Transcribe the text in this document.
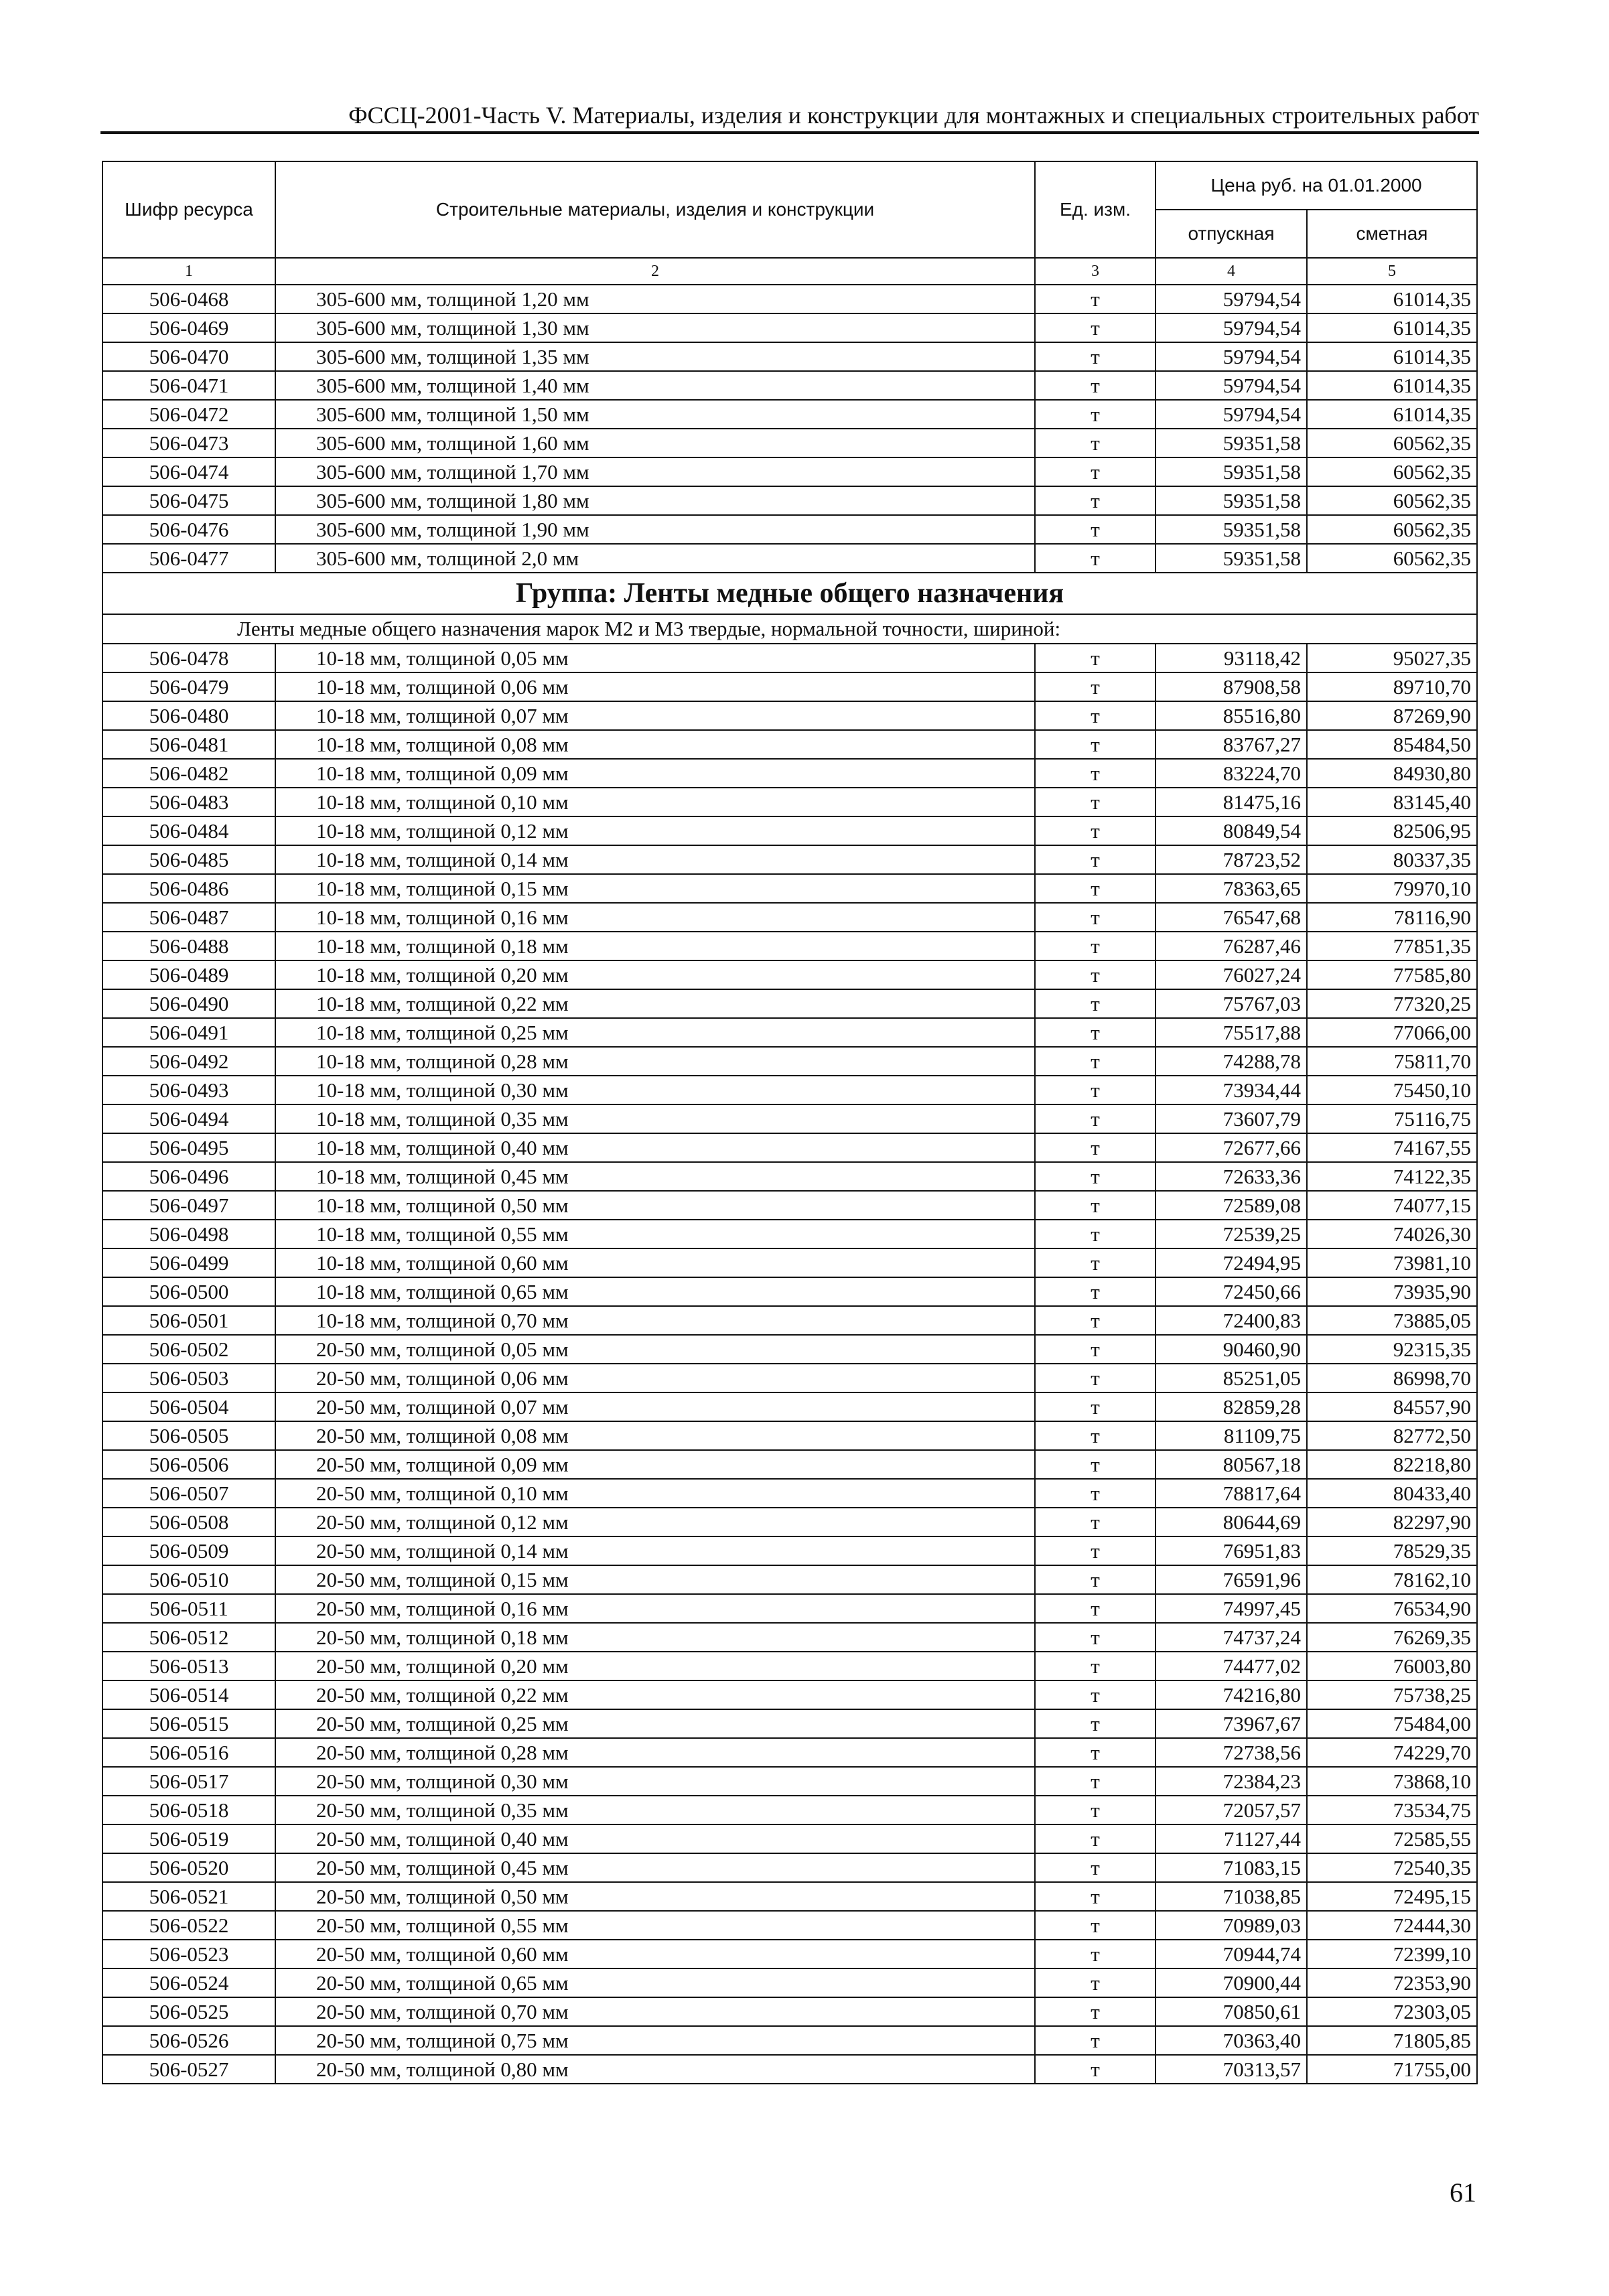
ФССЦ-2001-Часть V. Материалы, изделия и конструкции для монтажных и специальных строительных работ
Шифр ресурса	Строительные материалы, изделия и конструкции	Ед. изм.	Цена руб. на 01.01.2000	
			отпускная	сметная
1	2	3	4	5
506-0468	305-600 мм, толщиной 1,20 мм	т	59794,54	61014,35
506-0469	305-600 мм, толщиной 1,30 мм	т	59794,54	61014,35
506-0470	305-600 мм, толщиной 1,35 мм	т	59794,54	61014,35
506-0471	305-600 мм, толщиной 1,40 мм	т	59794,54	61014,35
506-0472	305-600 мм, толщиной 1,50 мм	т	59794,54	61014,35
506-0473	305-600 мм, толщиной 1,60 мм	т	59351,58	60562,35
506-0474	305-600 мм, толщиной 1,70 мм	т	59351,58	60562,35
506-0475	305-600 мм, толщиной 1,80 мм	т	59351,58	60562,35
506-0476	305-600 мм, толщиной 1,90 мм	т	59351,58	60562,35
506-0477	305-600 мм, толщиной 2,0 мм	т	59351,58	60562,35
Группа: Ленты медные общего назначения				
Ленты медные общего назначения марок М2 и М3 твердые, нормальной точности, шириной:				
506-0478	10-18 мм, толщиной 0,05 мм	т	93118,42	95027,35
506-0479	10-18 мм, толщиной 0,06 мм	т	87908,58	89710,70
506-0480	10-18 мм, толщиной 0,07 мм	т	85516,80	87269,90
506-0481	10-18 мм, толщиной 0,08 мм	т	83767,27	85484,50
506-0482	10-18 мм, толщиной 0,09 мм	т	83224,70	84930,80
506-0483	10-18 мм, толщиной 0,10 мм	т	81475,16	83145,40
506-0484	10-18 мм, толщиной 0,12 мм	т	80849,54	82506,95
506-0485	10-18 мм, толщиной 0,14 мм	т	78723,52	80337,35
506-0486	10-18 мм, толщиной 0,15 мм	т	78363,65	79970,10
506-0487	10-18 мм, толщиной 0,16 мм	т	76547,68	78116,90
506-0488	10-18 мм, толщиной 0,18 мм	т	76287,46	77851,35
506-0489	10-18 мм, толщиной 0,20 мм	т	76027,24	77585,80
506-0490	10-18 мм, толщиной 0,22 мм	т	75767,03	77320,25
506-0491	10-18 мм, толщиной 0,25 мм	т	75517,88	77066,00
506-0492	10-18 мм, толщиной 0,28 мм	т	74288,78	75811,70
506-0493	10-18 мм, толщиной 0,30 мм	т	73934,44	75450,10
506-0494	10-18 мм, толщиной 0,35 мм	т	73607,79	75116,75
506-0495	10-18 мм, толщиной 0,40 мм	т	72677,66	74167,55
506-0496	10-18 мм, толщиной 0,45 мм	т	72633,36	74122,35
506-0497	10-18 мм, толщиной 0,50 мм	т	72589,08	74077,15
506-0498	10-18 мм, толщиной 0,55 мм	т	72539,25	74026,30
506-0499	10-18 мм, толщиной 0,60 мм	т	72494,95	73981,10
506-0500	10-18 мм, толщиной 0,65 мм	т	72450,66	73935,90
506-0501	10-18 мм, толщиной 0,70 мм	т	72400,83	73885,05
506-0502	20-50 мм, толщиной 0,05 мм	т	90460,90	92315,35
506-0503	20-50 мм, толщиной 0,06 мм	т	85251,05	86998,70
506-0504	20-50 мм, толщиной 0,07 мм	т	82859,28	84557,90
506-0505	20-50 мм, толщиной 0,08 мм	т	81109,75	82772,50
506-0506	20-50 мм, толщиной 0,09 мм	т	80567,18	82218,80
506-0507	20-50 мм, толщиной 0,10 мм	т	78817,64	80433,40
506-0508	20-50 мм, толщиной 0,12 мм	т	80644,69	82297,90
506-0509	20-50 мм, толщиной 0,14 мм	т	76951,83	78529,35
506-0510	20-50 мм, толщиной 0,15 мм	т	76591,96	78162,10
506-0511	20-50 мм, толщиной 0,16 мм	т	74997,45	76534,90
506-0512	20-50 мм, толщиной 0,18 мм	т	74737,24	76269,35
506-0513	20-50 мм, толщиной 0,20 мм	т	74477,02	76003,80
506-0514	20-50 мм, толщиной 0,22 мм	т	74216,80	75738,25
506-0515	20-50 мм, толщиной 0,25 мм	т	73967,67	75484,00
506-0516	20-50 мм, толщиной 0,28 мм	т	72738,56	74229,70
506-0517	20-50 мм, толщиной 0,30 мм	т	72384,23	73868,10
506-0518	20-50 мм, толщиной 0,35 мм	т	72057,57	73534,75
506-0519	20-50 мм, толщиной 0,40 мм	т	71127,44	72585,55
506-0520	20-50 мм, толщиной 0,45 мм	т	71083,15	72540,35
506-0521	20-50 мм, толщиной 0,50 мм	т	71038,85	72495,15
506-0522	20-50 мм, толщиной 0,55 мм	т	70989,03	72444,30
506-0523	20-50 мм, толщиной 0,60 мм	т	70944,74	72399,10
506-0524	20-50 мм, толщиной 0,65 мм	т	70900,44	72353,90
506-0525	20-50 мм, толщиной 0,70 мм	т	70850,61	72303,05
506-0526	20-50 мм, толщиной 0,75 мм	т	70363,40	71805,85
506-0527	20-50 мм, толщиной 0,80 мм	т	70313,57	71755,00
61
